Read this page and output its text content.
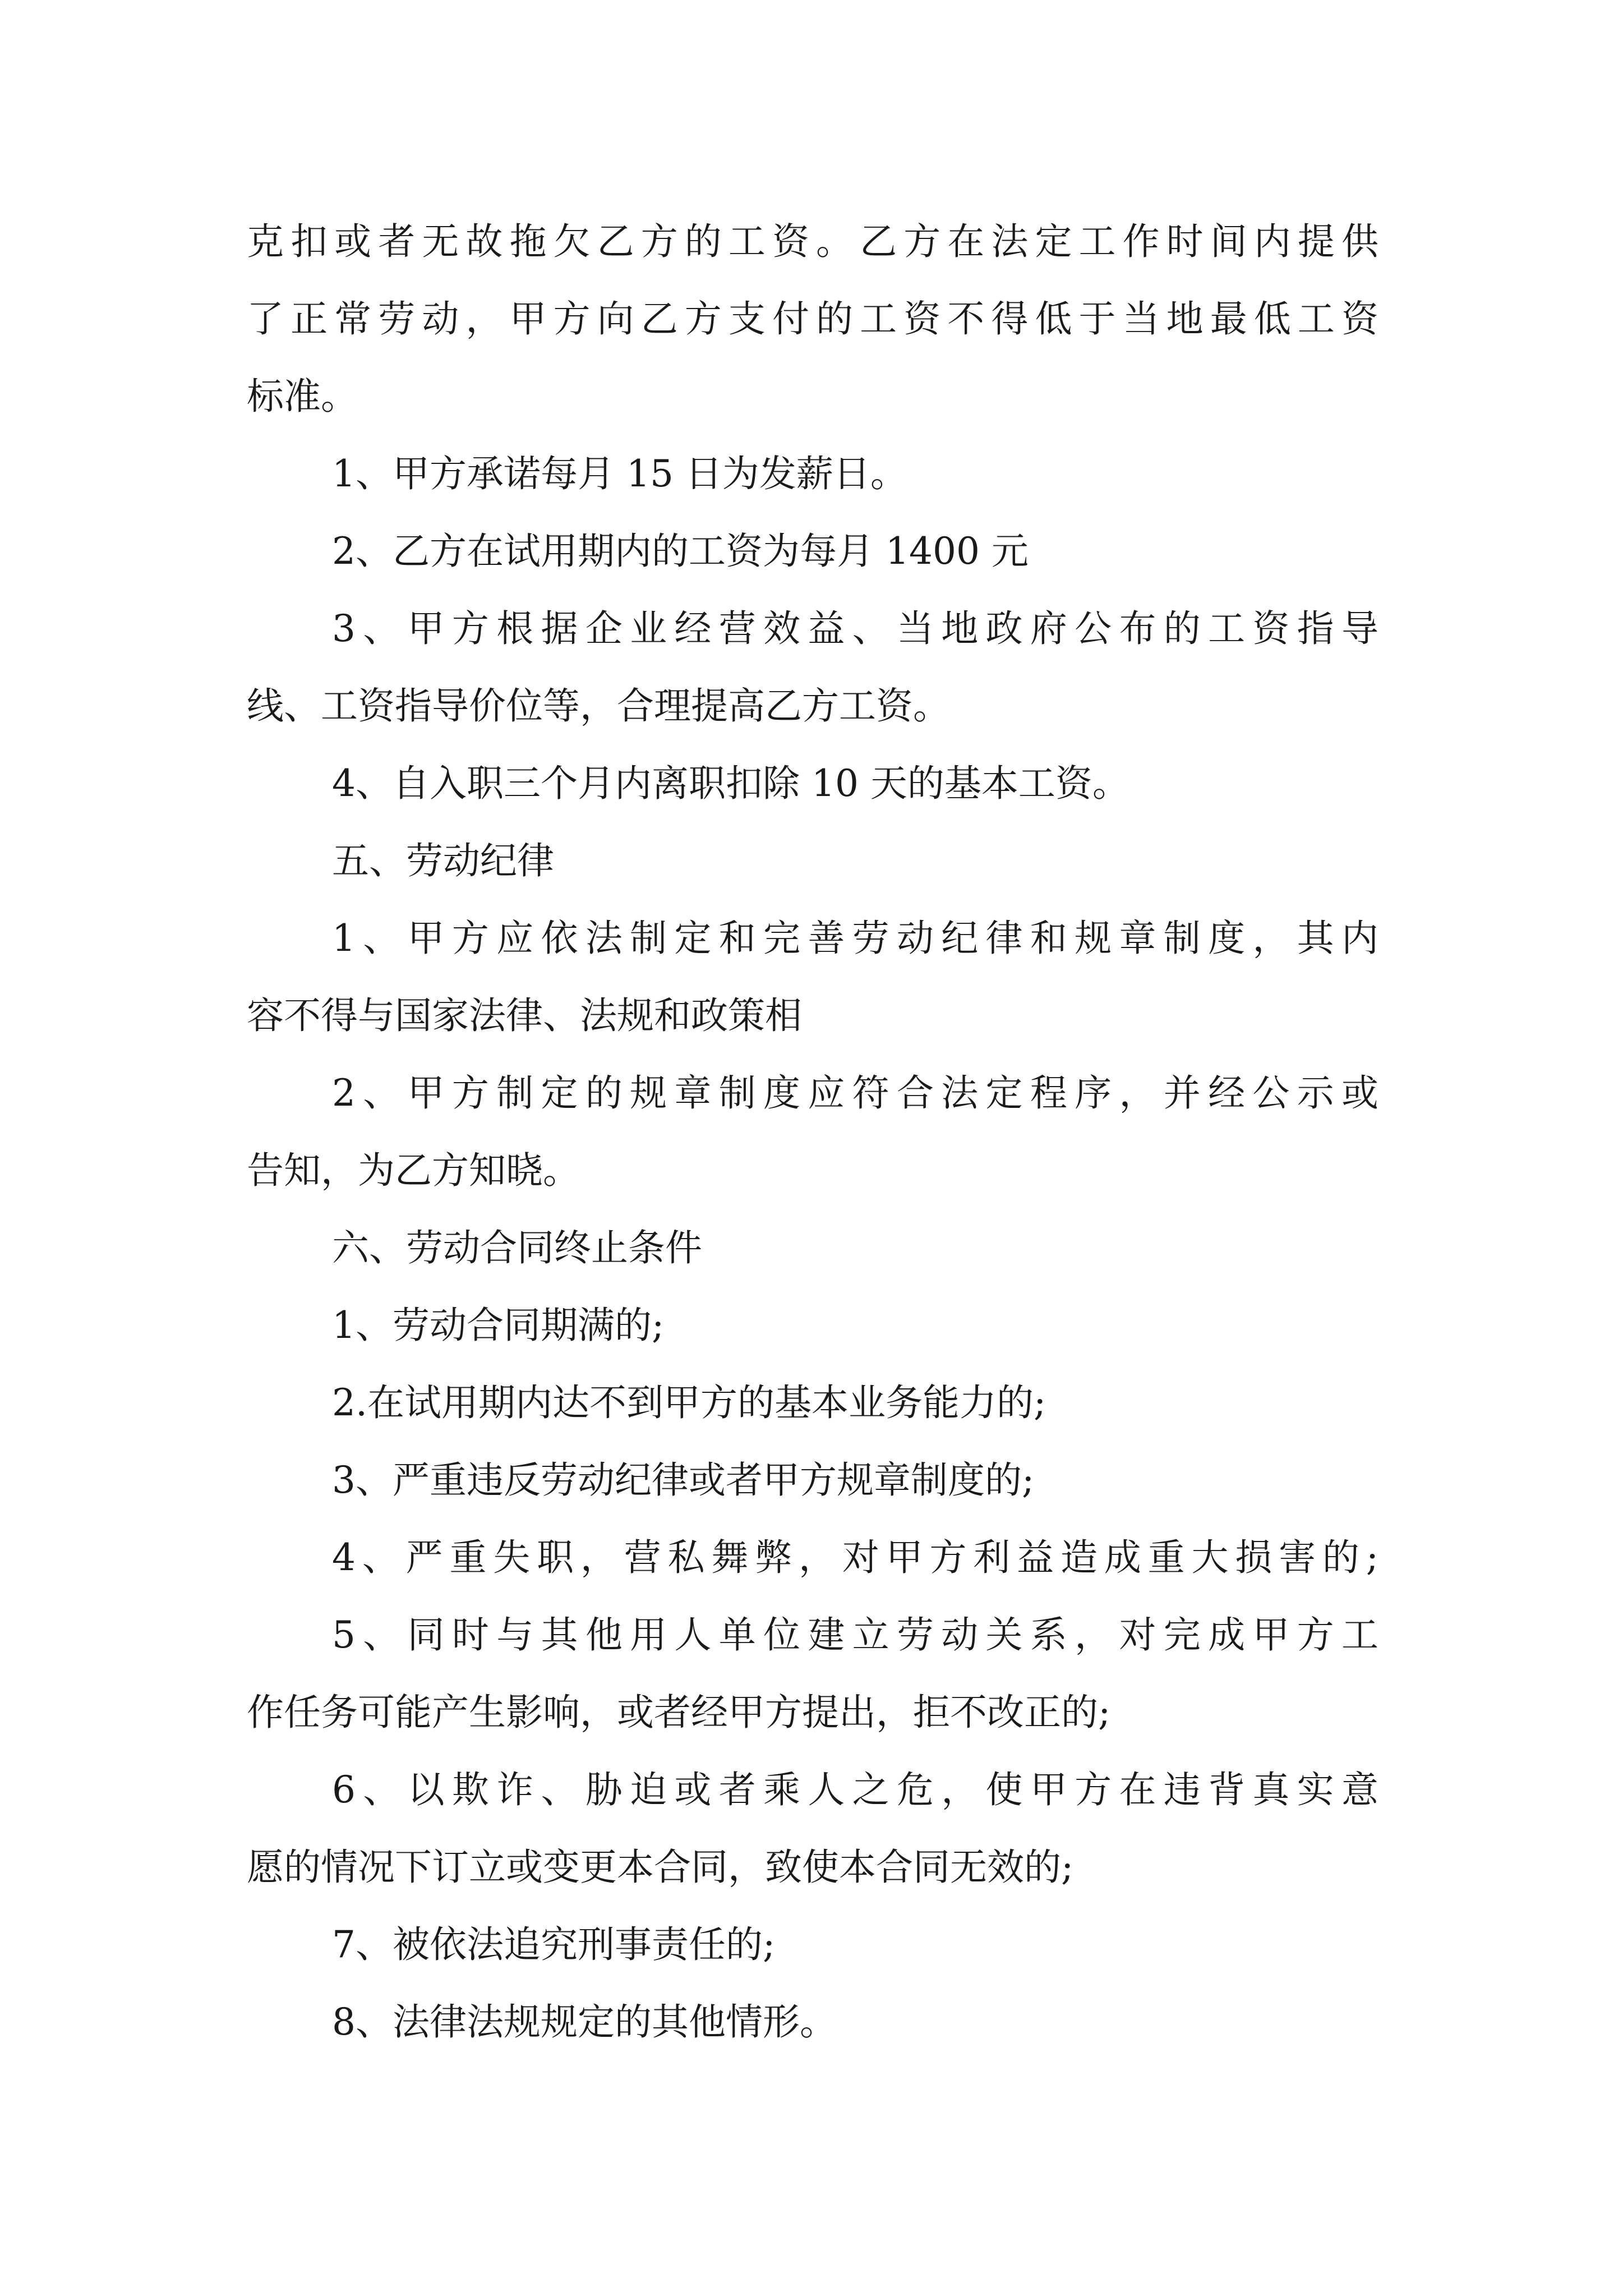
克扣或者无故拖欠乙方的工资。乙方在法定工作时间内提供
了正常劳动，甲方向乙方支付的工资不得低于当地最低工资
标准。
1、甲方承诺每月 15 日为发薪日。
2、乙方在试用期内的工资为每月 1400 元
3、甲方根据企业经营效益、当地政府公布的工资指导
线、工资指导价位等，合理提高乙方工资。
4、自入职三个月内离职扣除 10 天的基本工资。
五、劳动纪律
1、甲方应依法制定和完善劳动纪律和规章制度，其内
容不得与国家法律、法规和政策相
2、甲方制定的规章制度应符合法定程序，并经公示或
告知，为乙方知晓。
六、劳动合同终止条件
1、劳动合同期满的;
2.在试用期内达不到甲方的基本业务能力的;
3、严重违反劳动纪律或者甲方规章制度的;
4、严重失职，营私舞弊，对甲方利益造成重大损害的;
5、同时与其他用人单位建立劳动关系，对完成甲方工
作任务可能产生影响，或者经甲方提出，拒不改正的;
6、以欺诈、胁迫或者乘人之危，使甲方在违背真实意
愿的情况下订立或变更本合同，致使本合同无效的;
7、被依法追究刑事责任的;
8、法律法规规定的其他情形。
